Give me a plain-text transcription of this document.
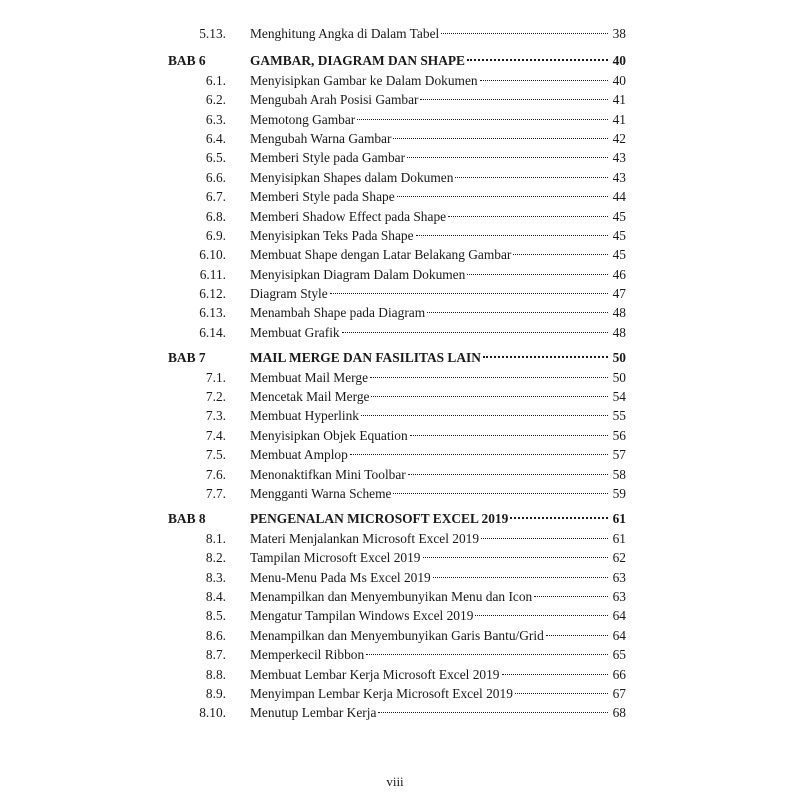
5.13. Menghitung Angka di Dalam Tabel	38
BAB 6	GAMBAR, DIAGRAM DAN SHAPE	40
6.1. Menyisipkan Gambar ke Dalam Dokumen	40
6.2. Mengubah Arah Posisi Gambar	41
6.3. Memotong Gambar	41
6.4. Mengubah Warna Gambar	42
6.5. Memberi Style pada Gambar	43
6.6. Menyisipkan Shapes dalam Dokumen	43
6.7. Memberi Style pada Shape	44
6.8. Memberi Shadow Effect pada Shape	45
6.9. Menyisipkan Teks Pada Shape	45
6.10. Membuat Shape dengan Latar Belakang Gambar	45
6.11. Menyisipkan Diagram Dalam Dokumen	46
6.12. Diagram Style	47
6.13. Menambah Shape pada Diagram	48
6.14. Membuat Grafik	48
BAB 7	MAIL MERGE DAN FASILITAS LAIN	50
7.1. Membuat Mail Merge	50
7.2. Mencetak Mail Merge	54
7.3. Membuat Hyperlink	55
7.4. Menyisipkan Objek Equation	56
7.5. Membuat Amplop	57
7.6. Menonaktifkan Mini Toolbar	58
7.7. Mengganti Warna Scheme	59
BAB 8	PENGENALAN MICROSOFT EXCEL 2019	61
8.1. Materi Menjalankan Microsoft Excel 2019	61
8.2. Tampilan Microsoft Excel 2019	62
8.3. Menu-Menu Pada Ms Excel 2019	63
8.4. Menampilkan dan Menyembunyikan Menu dan Icon	63
8.5. Mengatur Tampilan Windows Excel 2019	64
8.6. Menampilkan dan Menyembunyikan Garis Bantu/Grid	64
8.7. Memperkecil Ribbon	65
8.8. Membuat Lembar Kerja Microsoft Excel 2019	66
8.9. Menyimpan Lembar Kerja Microsoft Excel 2019	67
8.10. Menutup Lembar Kerja	68
viii
